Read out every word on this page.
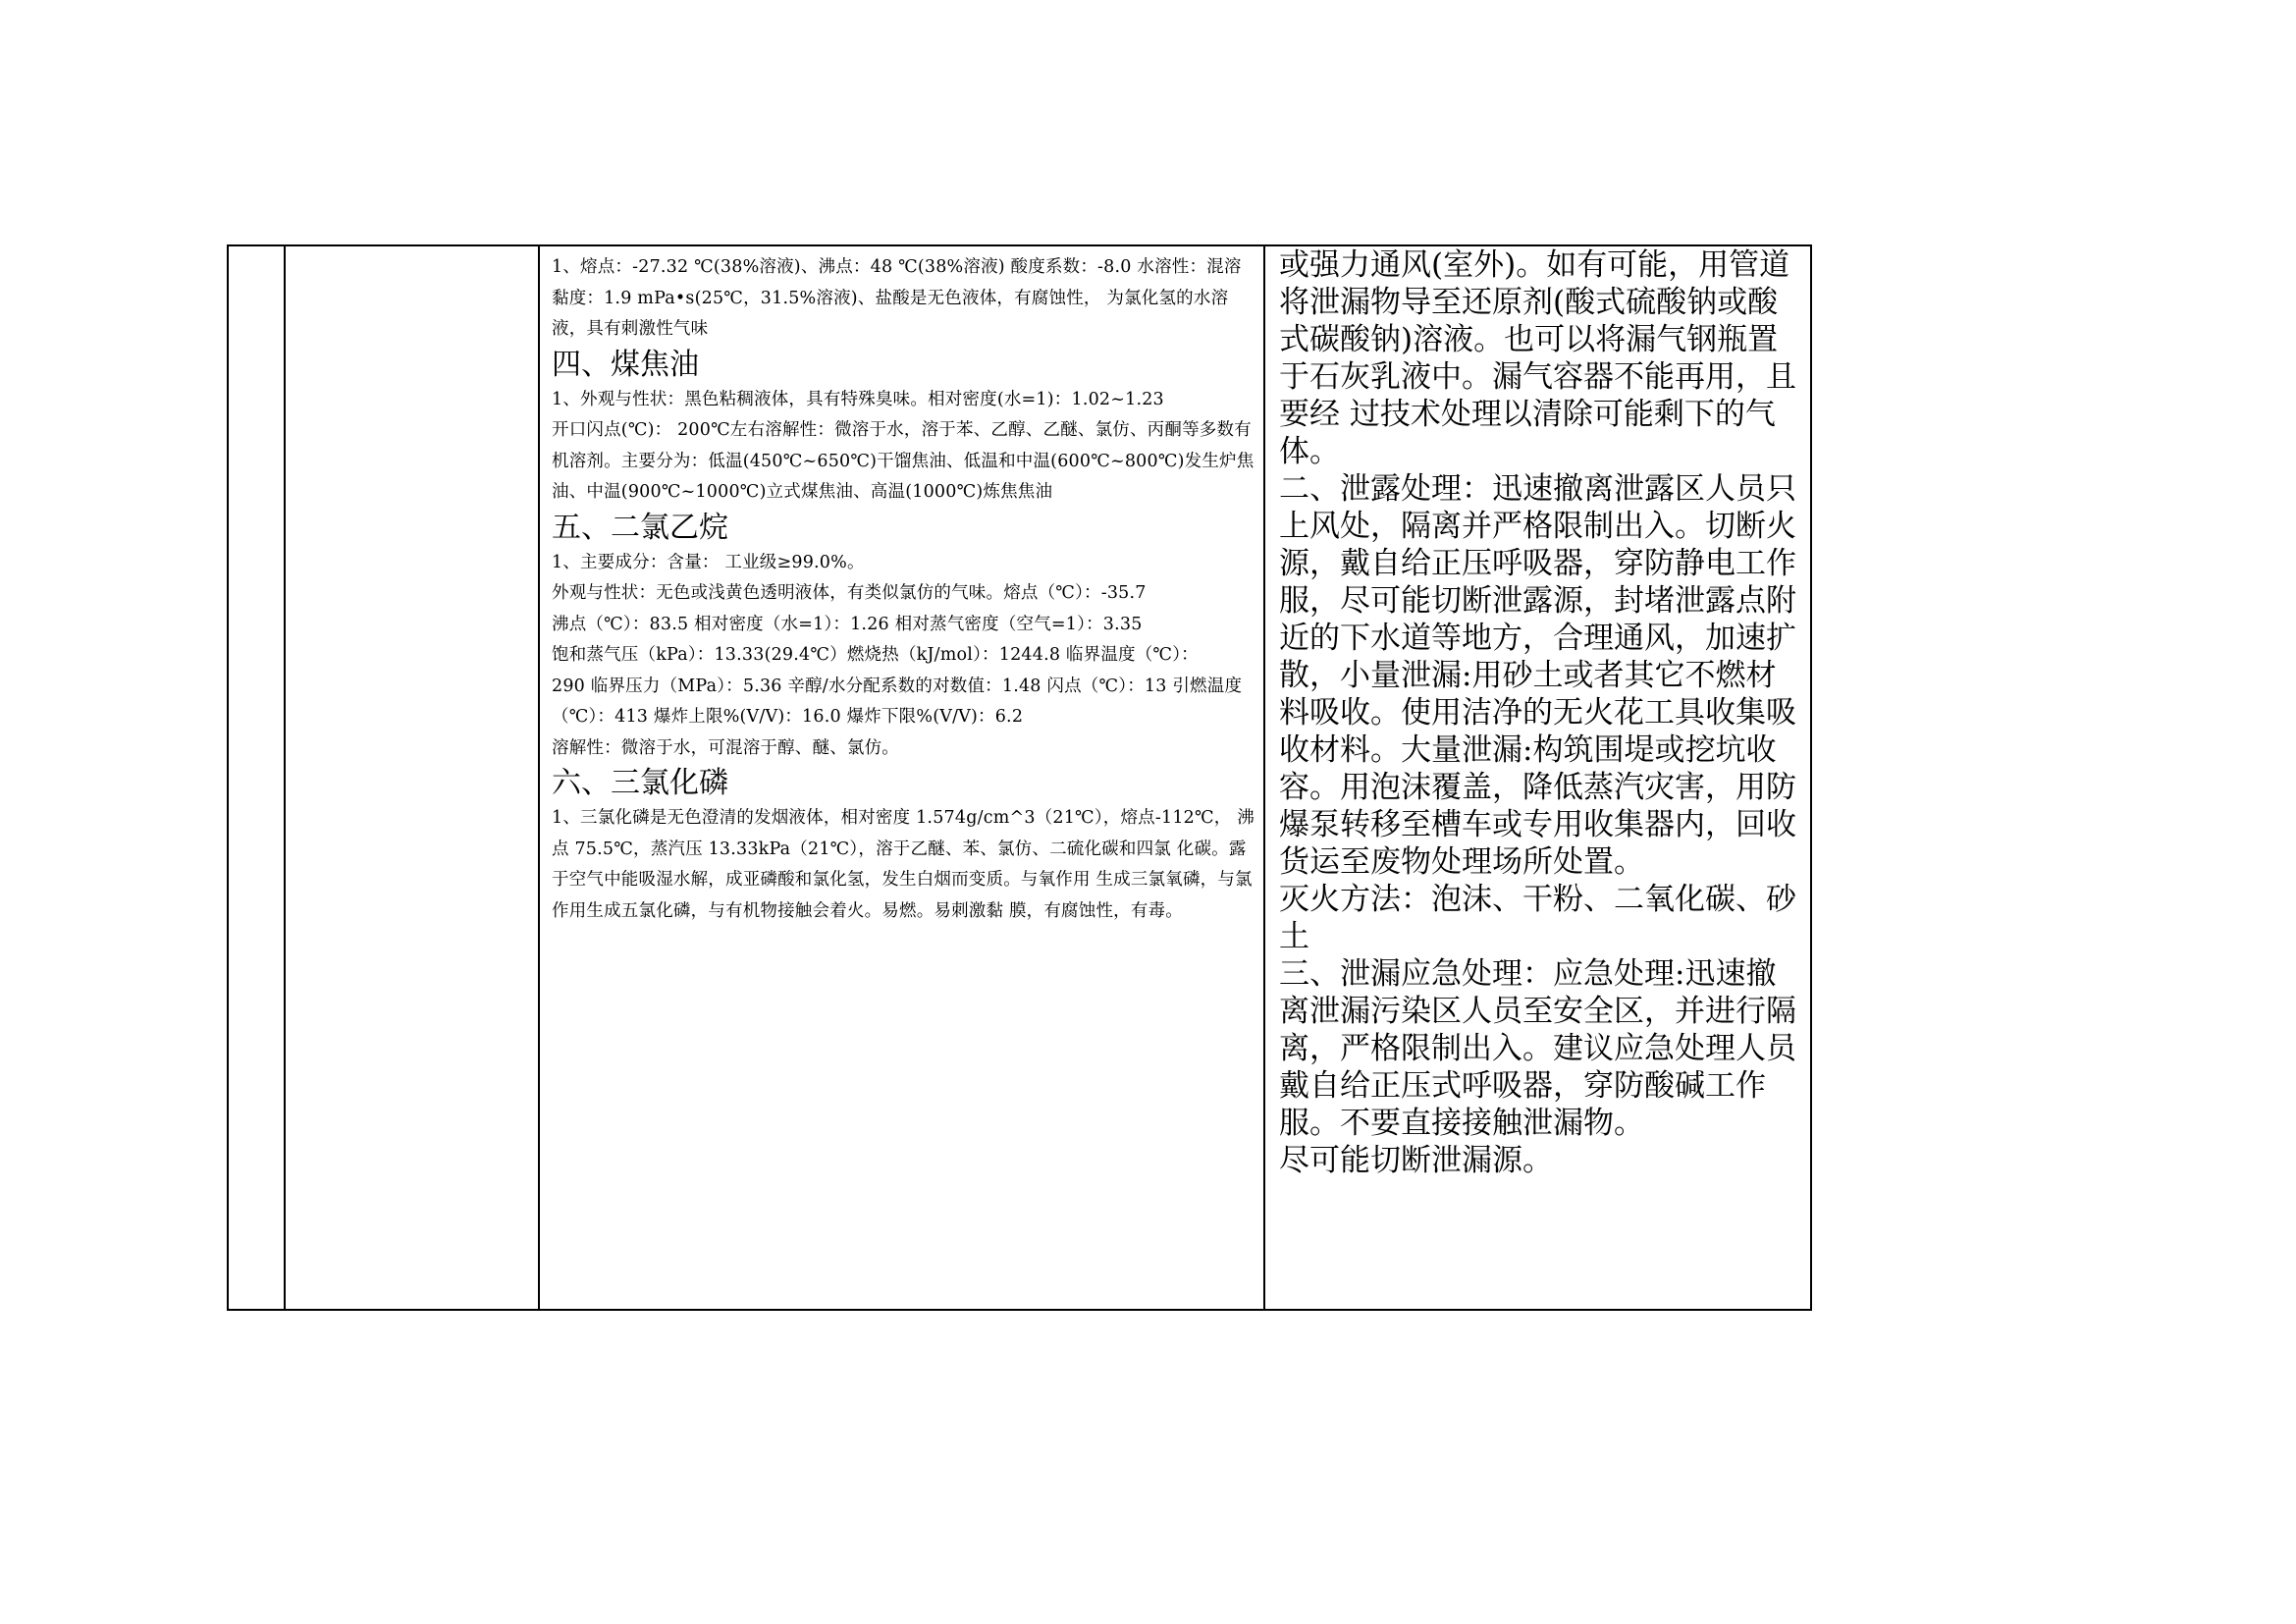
1、熔点：-27.32 ℃(38%溶液)、沸点：48 ℃(38%溶液) 酸度系数：-8.0 水溶性：混溶 黏度：1.9 mPa•s(25℃，31.5%溶液)、盐酸是无色液体，有腐蚀性， 为氯化氢的水溶液，具有刺激性气味

四、煤焦油

1、外观与性状：黑色粘稠液体，具有特殊臭味。相对密度(水=1)：1.02~1.23

开口闪点(℃)： 200℃左右溶解性：微溶于水，溶于苯、乙醇、乙醚、氯仿、丙酮等多数有机溶剂。主要分为：低温(450℃~650℃)干馏焦油、低温和中温(600℃~800℃)发生炉焦油、中温(900℃~1000℃)立式煤焦油、高温(1000℃)炼焦焦油

五、二氯乙烷

1、主要成分：含量： 工业级≥99.0%。

外观与性状：无色或浅黄色透明液体，有类似氯仿的气味。熔点（℃）：-35.7

沸点（℃）：83.5 相对密度（水=1）：1.26 相对蒸气密度（空气=1）：3.35

饱和蒸气压（kPa）：13.33(29.4℃）燃烧热（kJ/mol）：1244.8 临界温度（℃）：

290 临界压力（MPa）：5.36 辛醇/水分配系数的对数值：1.48 闪点（℃）：13 引燃温度（℃）：413 爆炸上限%(V/V)：16.0 爆炸下限%(V/V)：6.2

溶解性：微溶于水，可混溶于醇、醚、氯仿。

六、三氯化磷

1、三氯化磷是无色澄清的发烟液体，相对密度 1.574g/cm^3（21℃），熔点-112℃， 沸点 75.5℃，蒸汽压 13.33kPa（21℃），溶于乙醚、苯、氯仿、二硫化碳和四氯 化碳。露于空气中能吸湿水解，成亚磷酸和氯化氢，发生白烟而变质。与氧作用 生成三氯氧磷，与氯作用生成五氯化磷，与有机物接触会着火。易燃。易刺激黏 膜，有腐蚀性，有毒。

或强力通风(室外)。如有可能，用管道将泄漏物导至还原剂(酸式硫酸钠或酸式碳酸钠)溶液。也可以将漏气钢瓶置于石灰乳液中。漏气容器不能再用，且要经 过技术处理以清除可能剩下的气体。

二、泄露处理：迅速撤离泄露区人员只上风处，隔离并严格限制出入。切断火源，戴自给正压呼吸器，穿防静电工作服，尽可能切断泄露源，封堵泄露点附近的下水道等地方，合理通风，加速扩散，小量泄漏:用砂土或者其它不燃材料吸收。使用洁净的无火花工具收集吸收材料。大量泄漏:构筑围堤或挖坑收容。用泡沫覆盖，降低蒸汽灾害，用防爆泵转移至槽车或专用收集器内，回收货运至废物处理场所处置。

灭火方法：泡沫、干粉、二氧化碳、砂土

三、泄漏应急处理：应急处理:迅速撤离泄漏污染区人员至安全区，并进行隔离，严格限制出入。建议应急处理人员戴自给正压式呼吸器，穿防酸碱工作服。不要直接接触泄漏物。

尽可能切断泄漏源。
